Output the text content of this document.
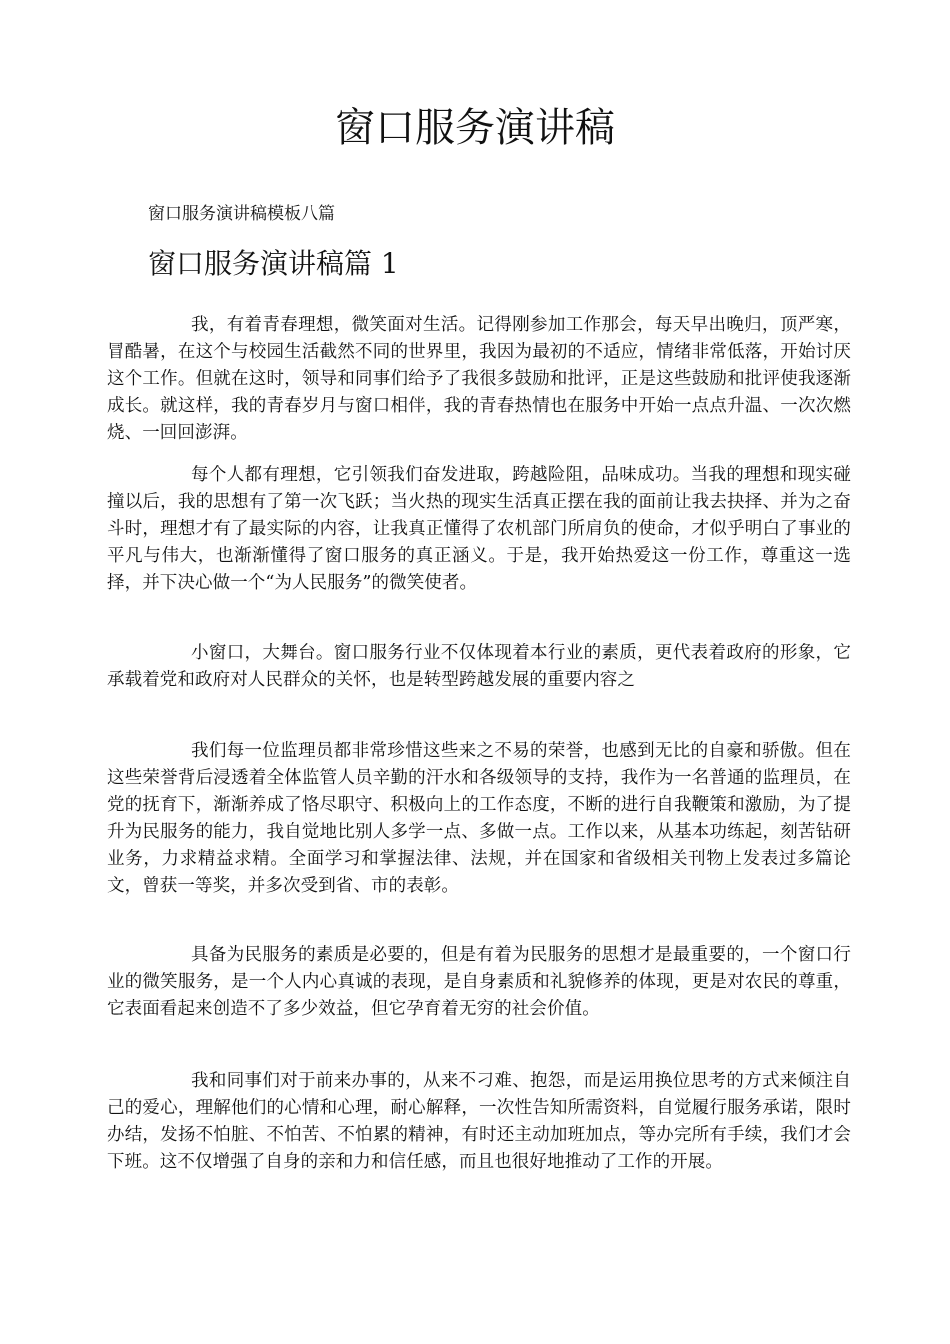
窗口服务演讲稿

窗口服务演讲稿模板八篇

窗口服务演讲稿篇 1

我，有着青春理想，微笑面对生活。记得刚参加工作那会，每天早出晚归，顶严寒，冒酷暑，在这个与校园生活截然不同的世界里，我因为最初的不适应，情绪非常低落，开始讨厌这个工作。但就在这时，领导和同事们给予了我很多鼓励和批评，正是这些鼓励和批评使我逐渐成长。就这样，我的青春岁月与窗口相伴，我的青春热情也在服务中开始一点点升温、一次次燃烧、一回回澎湃。

每个人都有理想，它引领我们奋发进取，跨越险阻，品味成功。当我的理想和现实碰撞以后，我的思想有了第一次飞跃；当火热的现实生活真正摆在我的面前让我去抉择、并为之奋斗时，理想才有了最实际的内容，让我真正懂得了农机部门所肩负的使命，才似乎明白了事业的平凡与伟大，也渐渐懂得了窗口服务的真正涵义。于是，我开始热爱这一份工作，尊重这一选择，并下决心做一个“为人民服务”的微笑使者。

小窗口，大舞台。窗口服务行业不仅体现着本行业的素质，更代表着政府的形象，它承载着党和政府对人民群众的关怀，也是转型跨越发展的重要内容之

我们每一位监理员都非常珍惜这些来之不易的荣誉，也感到无比的自豪和骄傲。但在这些荣誉背后浸透着全体监管人员辛勤的汗水和各级领导的支持，我作为一名普通的监理员，在党的抚育下，渐渐养成了恪尽职守、积极向上的工作态度，不断的进行自我鞭策和激励，为了提升为民服务的能力，我自觉地比别人多学一点、多做一点。工作以来，从基本功练起，刻苦钻研业务，力求精益求精。全面学习和掌握法律、法规，并在国家和省级相关刊物上发表过多篇论文，曾获一等奖，并多次受到省、市的表彰。

具备为民服务的素质是必要的，但是有着为民服务的思想才是最重要的，一个窗口行业的微笑服务，是一个人内心真诚的表现，是自身素质和礼貌修养的体现，更是对农民的尊重，它表面看起来创造不了多少效益，但它孕育着无穷的社会价值。

我和同事们对于前来办事的，从来不刁难、抱怨，而是运用换位思考的方式来倾注自己的爱心，理解他们的心情和心理，耐心解释，一次性告知所需资料，自觉履行服务承诺，限时办结，发扬不怕脏、不怕苦、不怕累的精神，有时还主动加班加点，等办完所有手续，我们才会下班。这不仅增强了自身的亲和力和信任感，而且也很好地推动了工作的开展。
